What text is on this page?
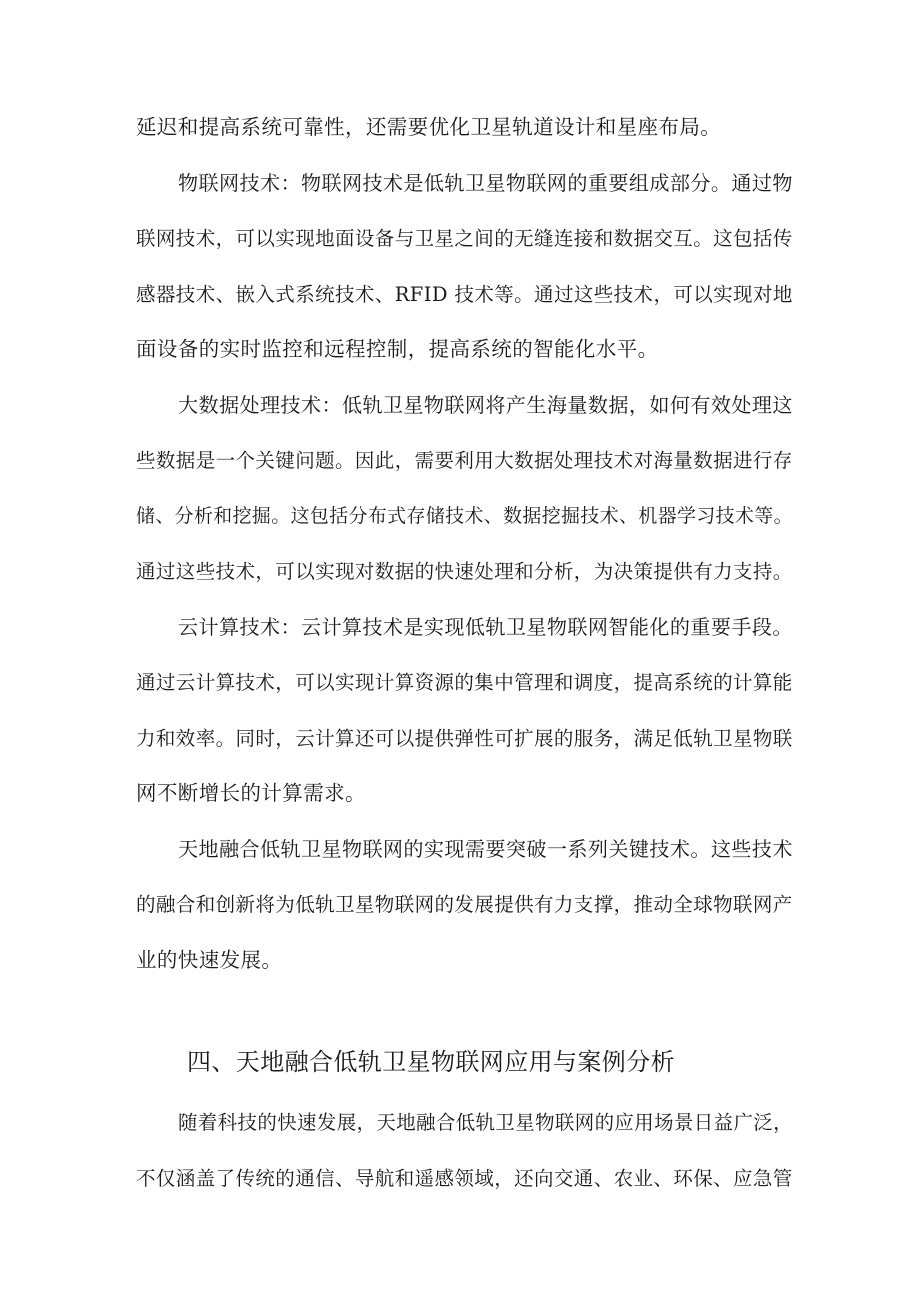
延迟和提高系统可靠性，还需要优化卫星轨道设计和星座布局。
物联网技术：物联网技术是低轨卫星物联网的重要组成部分。通过物
联网技术，可以实现地面设备与卫星之间的无缝连接和数据交互。这包括传
感器技术、嵌入式系统技术、RFID 技术等。通过这些技术，可以实现对地
面设备的实时监控和远程控制，提高系统的智能化水平。
大数据处理技术：低轨卫星物联网将产生海量数据，如何有效处理这
些数据是一个关键问题。因此，需要利用大数据处理技术对海量数据进行存
储、分析和挖掘。这包括分布式存储技术、数据挖掘技术、机器学习技术等。
通过这些技术，可以实现对数据的快速处理和分析，为决策提供有力支持。
云计算技术：云计算技术是实现低轨卫星物联网智能化的重要手段。
通过云计算技术，可以实现计算资源的集中管理和调度，提高系统的计算能
力和效率。同时，云计算还可以提供弹性可扩展的服务，满足低轨卫星物联
网不断增长的计算需求。
天地融合低轨卫星物联网的实现需要突破一系列关键技术。这些技术
的融合和创新将为低轨卫星物联网的发展提供有力支撑，推动全球物联网产
业的快速发展。
四、天地融合低轨卫星物联网应用与案例分析
随着科技的快速发展，天地融合低轨卫星物联网的应用场景日益广泛，
不仅涵盖了传统的通信、导航和遥感领域，还向交通、农业、环保、应急管
